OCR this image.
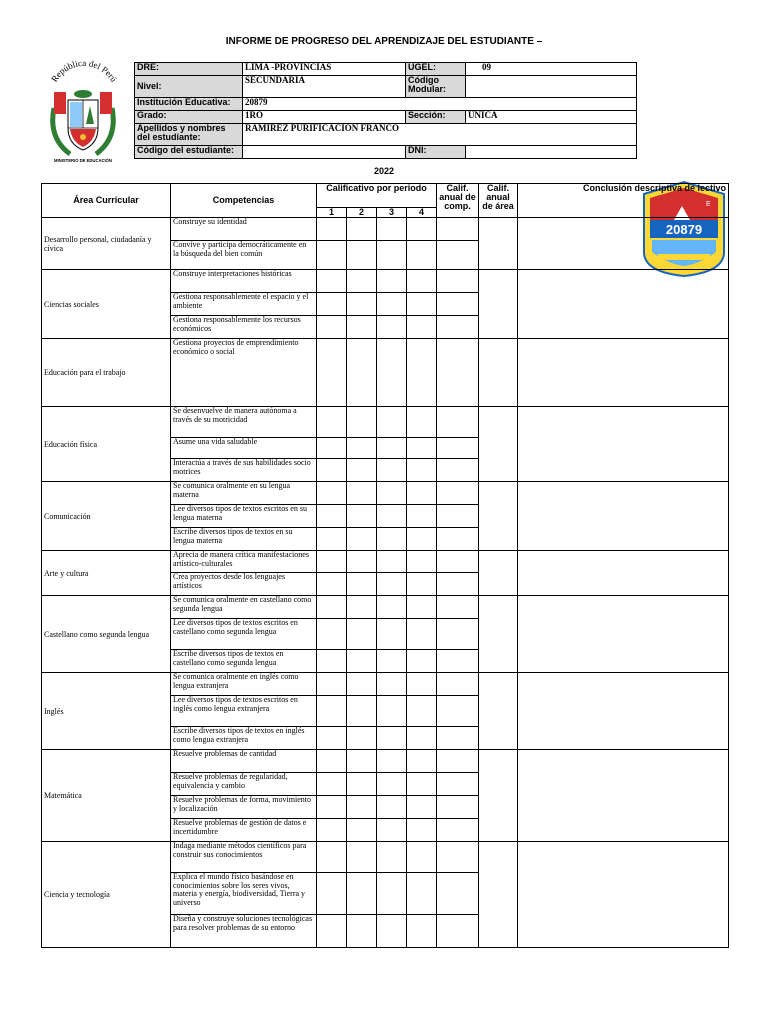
INFORME DE PROGRESO DEL APRENDIZAJE DEL ESTUDIANTE –
República del Perú
MINISTERIO DE EDUCACIÓN
E
20879
DRE:	LIMA -PROVINCIAS	UGEL:	09
Nivel:	SECUNDARIA	Código Modular:	
Institución Educativa:	20879		
Grado:	1RO	Sección:	UNICA
Apellidos y nombres del estudiante:	RAMIREZ PURIFICACION FRANCO		
Código del estudiante:		DNI:	
2022
Área Curricular	Competencias	Calificativo por periodo				Calif. anual de comp.	Calif. anual de área	Conclusión descriptiva de lectivo
		1	2	3	4			
Desarrollo personal, ciudadanía y cívica	Construye su identidad							
	Convive y participa democráticamente en la búsqueda del bien común							
Ciencias sociales	Construye interpretaciones históricas							
	Gestiona responsablemente el espacio y el ambiente							
	Gestiona responsablemente los recursos económicos							
Educación para el trabajo	Gestiona proyectos de emprendimiento económico o social							
Educación física	Se desenvuelve de manera autónoma a través de su motricidad							
	Asume una vida saludable							
	Interactúa a través de sus habilidades socio motrices							
Comunicación	Se comunica oralmente en su lengua materna							
	Lee diversos tipos de textos escritos en su lengua materna							
	Escribe diversos tipos de textos en su lengua materna							
Arte y cultura	Aprecia de manera crítica manifestaciones artístico-culturales							
	Crea proyectos desde los lenguajes artísticos							
Castellano como segunda lengua	Se comunica oralmente en castellano como segunda lengua							
	Lee diversos tipos de textos escritos en castellano como segunda lengua							
	Escribe diversos tipos de textos en castellano como segunda lengua							
Inglés	Se comunica oralmente en inglés como lengua extranjera							
	Lee diversos tipos de textos escritos en inglés como lengua extranjera							
	Escribe diversos tipos de textos en inglés como lengua extranjera							
Matemática	Resuelve problemas de cantidad							
	Resuelve problemas de regularidad, equivalencia y cambio							
	Resuelve problemas de forma, movimiento y localización							
	Resuelve problemas de gestión de datos e incertidumbre							
Ciencia y tecnología	Indaga mediante métodos científicos para construir sus conocimientos							
	Explica el mundo físico basándose en conocimientos sobre los seres vivos, materia y energía, biodiversidad, Tierra y universo							
	Diseña y construye soluciones tecnológicas para resolver problemas de su entorno							
